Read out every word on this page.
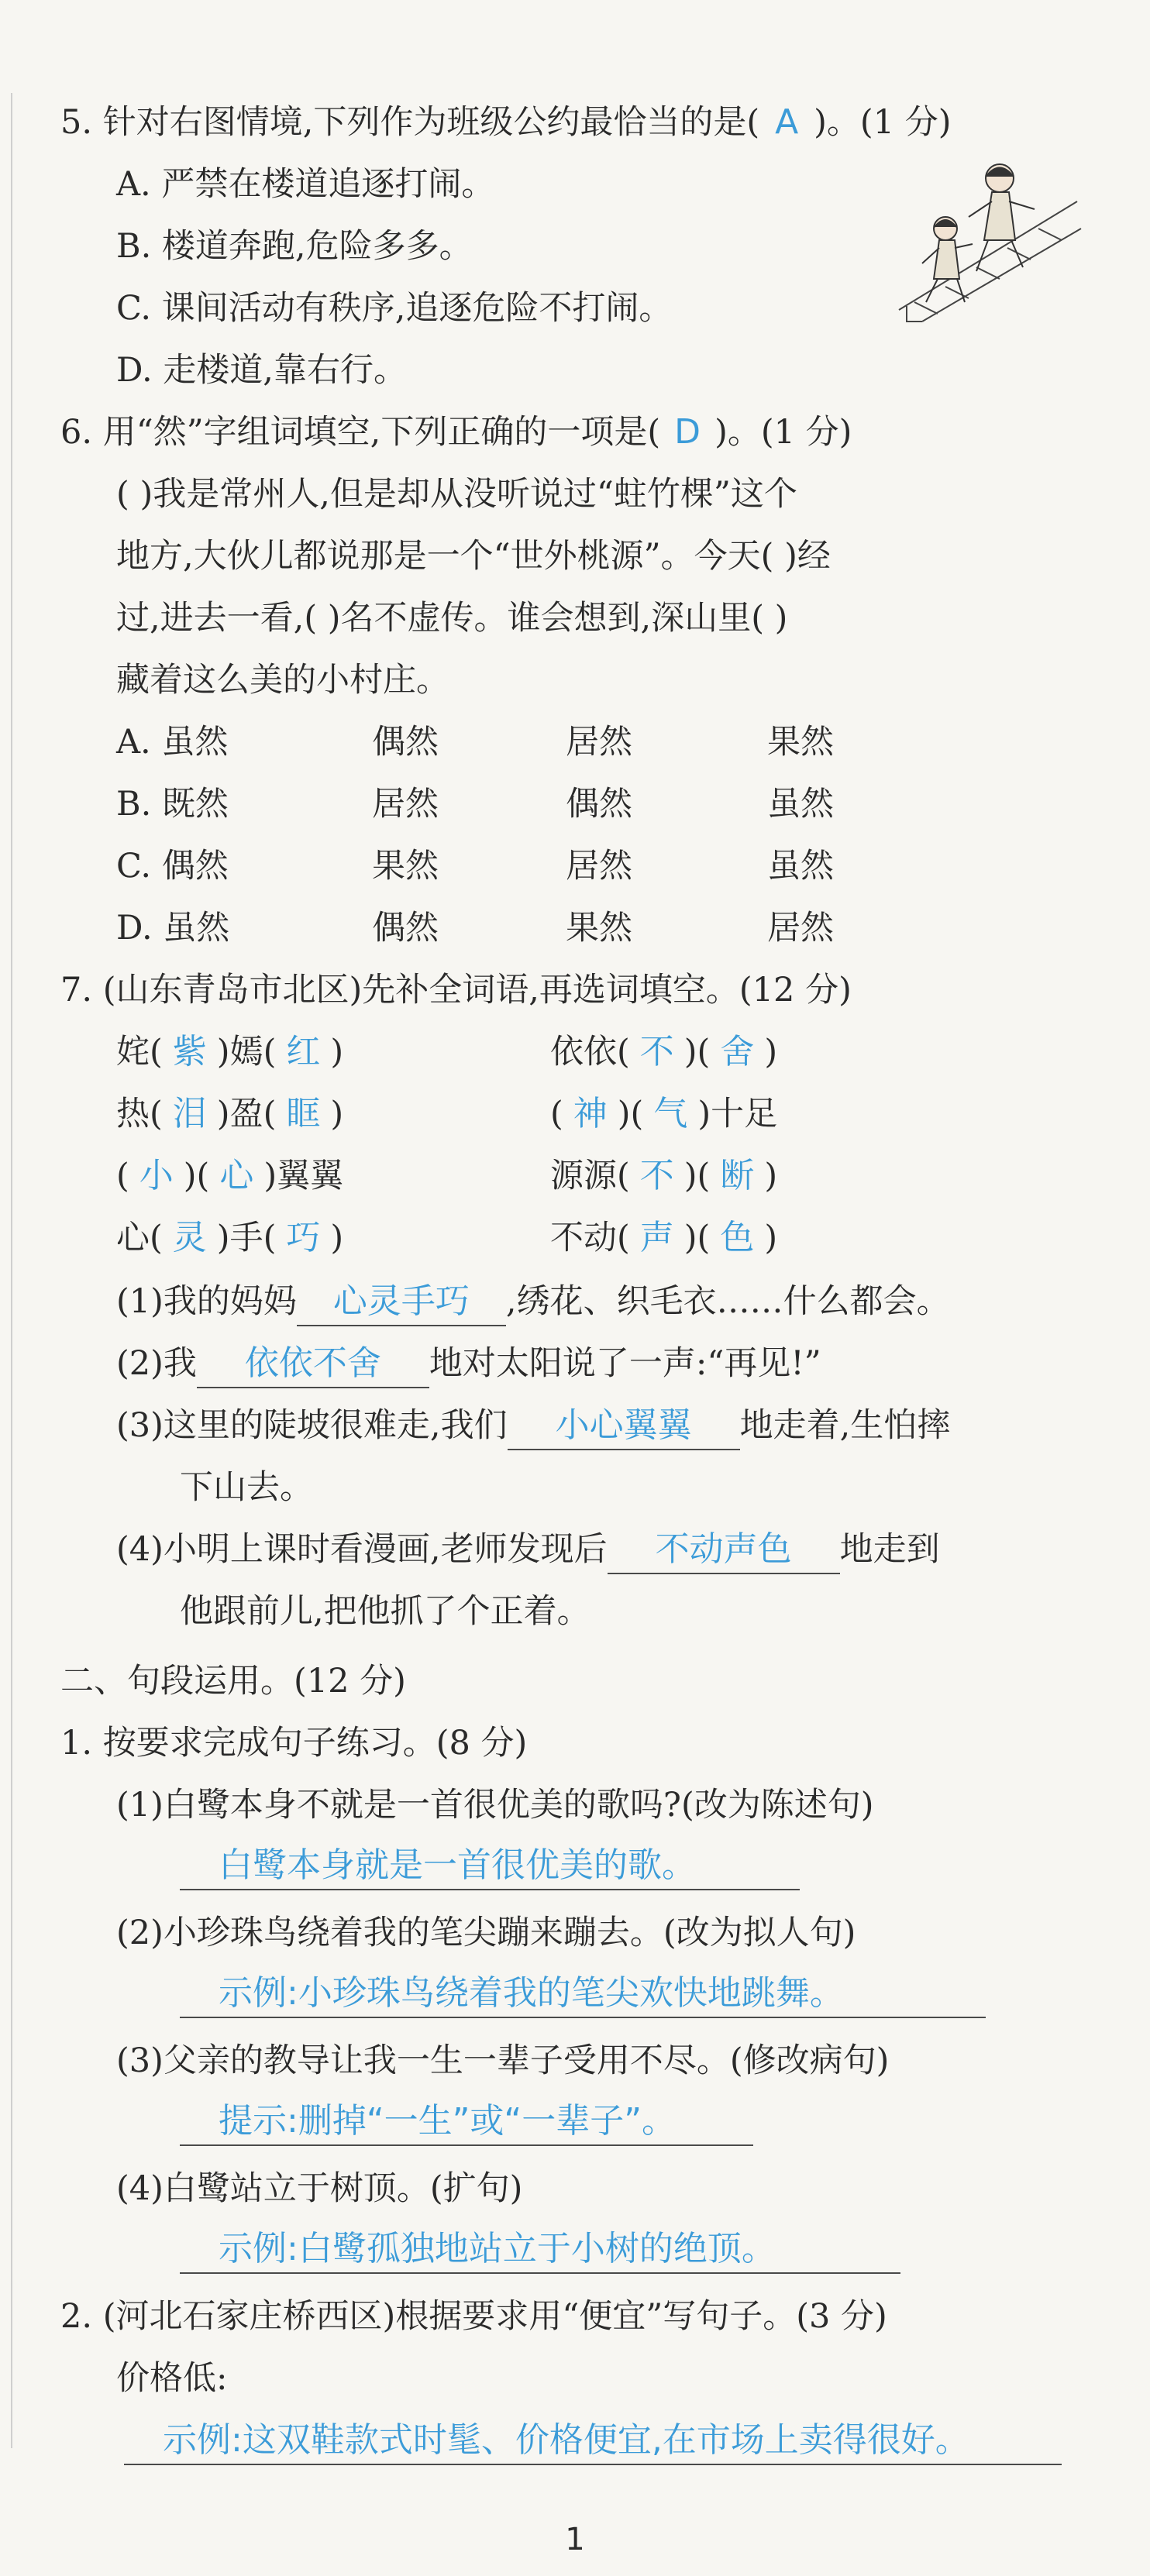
5. 针对右图情境,下列作为班级公约最恰当的是( A )。(1 分)
A. 严禁在楼道追逐打闹。
B. 楼道奔跑,危险多多。
C. 课间活动有秩序,追逐危险不打闹。
D. 走楼道,靠右行。
6. 用“然”字组词填空,下列正确的一项是( D )。(1 分)
( )我是常州人,但是却从没听说过“蛀竹棵”这个
地方,大伙儿都说那是一个“世外桃源”。今天( )经
过,进去一看,( )名不虚传。谁会想到,深山里( )
藏着这么美的小村庄。
A. 虽然	偶然	居然	果然
B. 既然	居然	偶然	虽然
C. 偶然	果然	居然	虽然
D. 虽然	偶然	果然	居然
7. (山东青岛市北区)先补全词语,再选词填空。(12 分)
姹( 紫 )嫣( 红 )	依依( 不 )( 舍 )
热( 泪 )盈( 眶 )	( 神 )( 气 )十足
( 小 )( 心 )翼翼	源源( 不 )( 断 )
心( 灵 )手( 巧 )	不动( 声 )( 色 )
(1)我的妈妈 心灵手巧 ,绣花、织毛衣……什么都会。
(2)我 依依不舍 地对太阳说了一声:“再见!”
(3)这里的陡坡很难走,我们 小心翼翼 地走着,生怕摔
下山去。
(4)小明上课时看漫画,老师发现后 不动声色 地走到
他跟前儿,把他抓了个正着。
二、句段运用。(12 分)
1. 按要求完成句子练习。(8 分)
(1)白鹭本身不就是一首很优美的歌吗?(改为陈述句)
白鹭本身就是一首很优美的歌。
(2)小珍珠鸟绕着我的笔尖蹦来蹦去。(改为拟人句)
示例:小珍珠鸟绕着我的笔尖欢快地跳舞。
(3)父亲的教导让我一生一辈子受用不尽。(修改病句)
提示:删掉“一生”或“一辈子”。
(4)白鹭站立于树顶。(扩句)
示例:白鹭孤独地站立于小树的绝顶。
2. (河北石家庄桥西区)根据要求用“便宜”写句子。(3 分)
价格低:
示例:这双鞋款式时髦、价格便宜,在市场上卖得很好。
1
